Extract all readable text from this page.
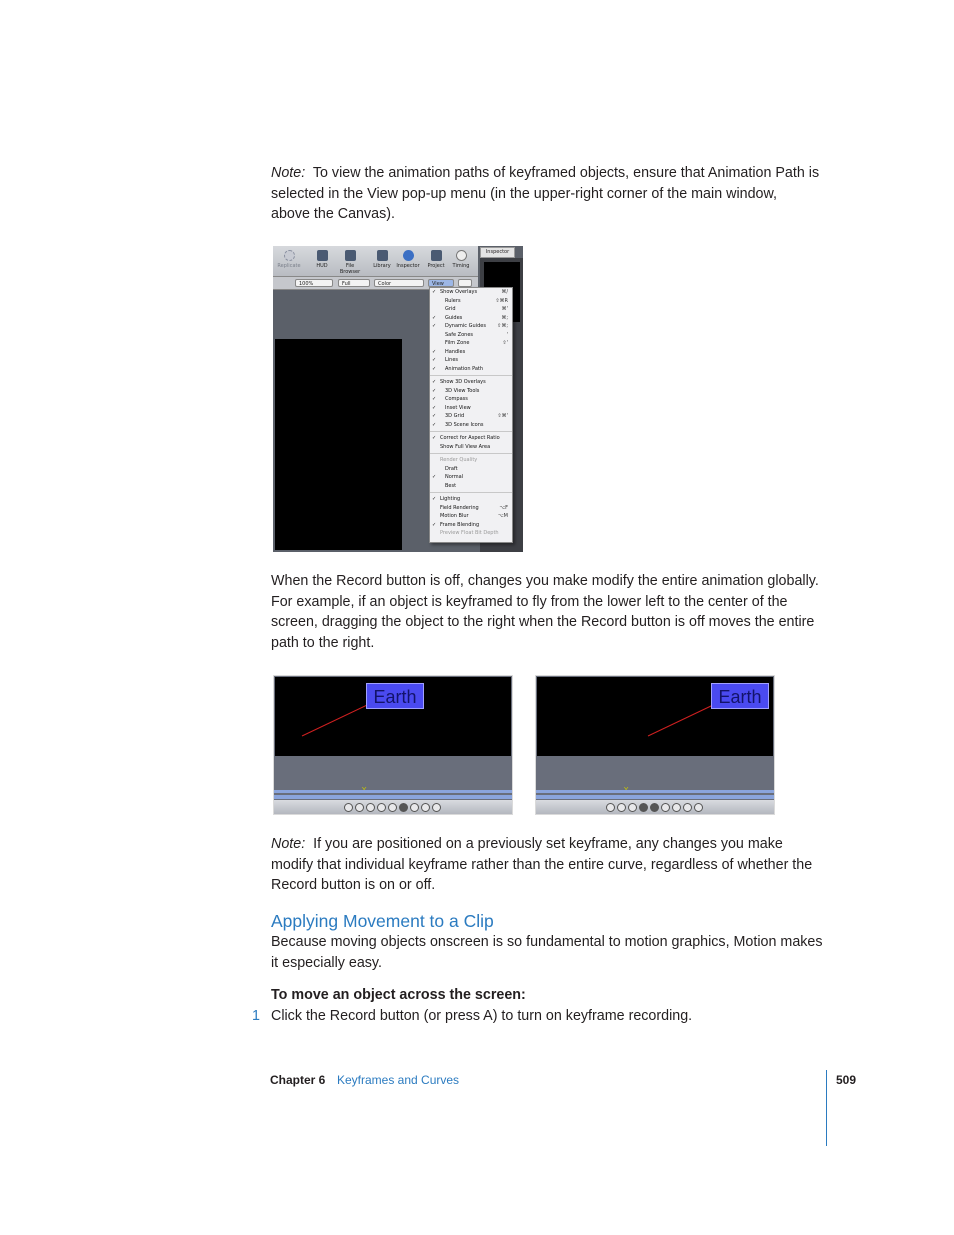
Note: To view the animation paths of keyframed objects, ensure that Animation Path is
selected in the View pop-up menu (in the upper-right corner of the main window,
above the Canvas).
Replicate	HUD	File Browser
Library	Inspector	Project	Timing
100%	Full	Color	View
Inspector
✓ Show Overlays	⌘/
Rulers	⇧⌘R
Grid	⌘'
✓ Guides	⌘;
✓ Dynamic Guides ⇧⌘;
Safe Zones	'
Film Zone	⇧'
✓ Handles
✓ Lines
✓ Animation Path
✓ Show 3D Overlays
✓ 3D View Tools
✓ Compass
✓ Inset View
✓ 3D Grid	⇧⌘'
✓ 3D Scene Icons
✓ Correct for Aspect Ratio
Show Full View Area
Render Quality
Draft
✓ Normal
Best
✓ Lighting
Field Rendering	⌥F
Motion Blur	⌥M
✓ Frame Blending
Preview Float Bit Depth
When the Record button is off, changes you make modify the entire animation globally.
For example, if an object is keyframed to fly from the lower left to the center of the
screen, dragging the object to the right when the Record button is off moves the entire
path to the right.
Earth	Earth
Note: If you are positioned on a previously set keyframe, any changes you make
modify that individual keyframe rather than the entire curve, regardless of whether the
Record button is on or off.
Applying Movement to a Clip
Because moving objects onscreen is so fundamental to motion graphics, Motion makes
it especially easy.
To move an object across the screen:
1 Click the Record button (or press A) to turn on keyframe recording.
Chapter 6 Keyframes and Curves	509
